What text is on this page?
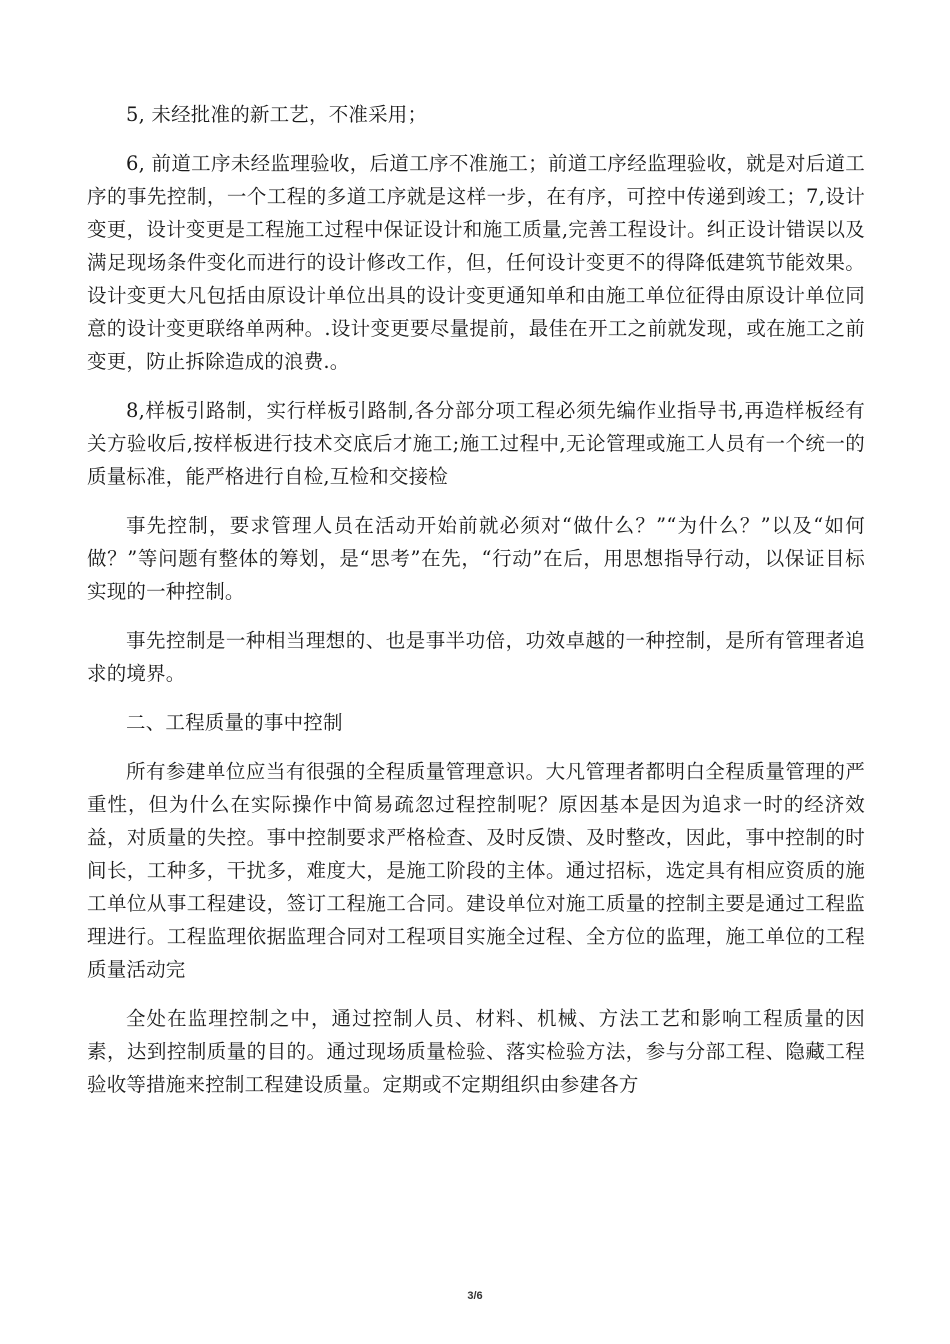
5, 未经批准的新工艺，不准采用；

6, 前道工序未经监理验收，后道工序不准施工；前道工序经监理验收，就是对后道工序的事先控制，一个工程的多道工序就是这样一步，在有序，可控中传递到竣工；7,设计变更，设计变更是工程施工过程中保证设计和施工质量,完善工程设计。纠正设计错误以及满足现场条件变化而进行的设计修改工作，但，任何设计变更不的得降低建筑节能效果。设计变更大凡包括由原设计单位出具的设计变更通知单和由施工单位征得由原设计单位同意的设计变更联络单两种。.设计变更要尽量提前，最佳在开工之前就发现，或在施工之前变更，防止拆除造成的浪费.。

8,样板引路制，实行样板引路制,各分部分项工程必须先编作业指导书,再造样板经有关方验收后,按样板进行技术交底后才施工;施工过程中,无论管理或施工人员有一个统一的质量标准，能严格进行自检,互检和交接检

事先控制，要求管理人员在活动开始前就必须对“做什么？”“为什么？”以及“如何做？”等问题有整体的筹划，是“思考”在先，“行动”在后，用思想指导行动，以保证目标实现的一种控制。

事先控制是一种相当理想的、也是事半功倍，功效卓越的一种控制，是所有管理者追求的境界。

二、工程质量的事中控制

所有参建单位应当有很强的全程质量管理意识。大凡管理者都明白全程质量管理的严重性，但为什么在实际操作中简易疏忽过程控制呢？原因基本是因为追求一时的经济效益，对质量的失控。事中控制要求严格检查、及时反馈、及时整改，因此，事中控制的时间长，工种多，干扰多，难度大，是施工阶段的主体。通过招标，选定具有相应资质的施工单位从事工程建设，签订工程施工合同。建设单位对施工质量的控制主要是通过工程监理进行。工程监理依据监理合同对工程项目实施全过程、全方位的监理，施工单位的工程质量活动完

全处在监理控制之中，通过控制人员、材料、机械、方法工艺和影响工程质量的因素，达到控制质量的目的。通过现场质量检验、落实检验方法，参与分部工程、隐藏工程验收等措施来控制工程建设质量。定期或不定期组织由参建各方

3/6
